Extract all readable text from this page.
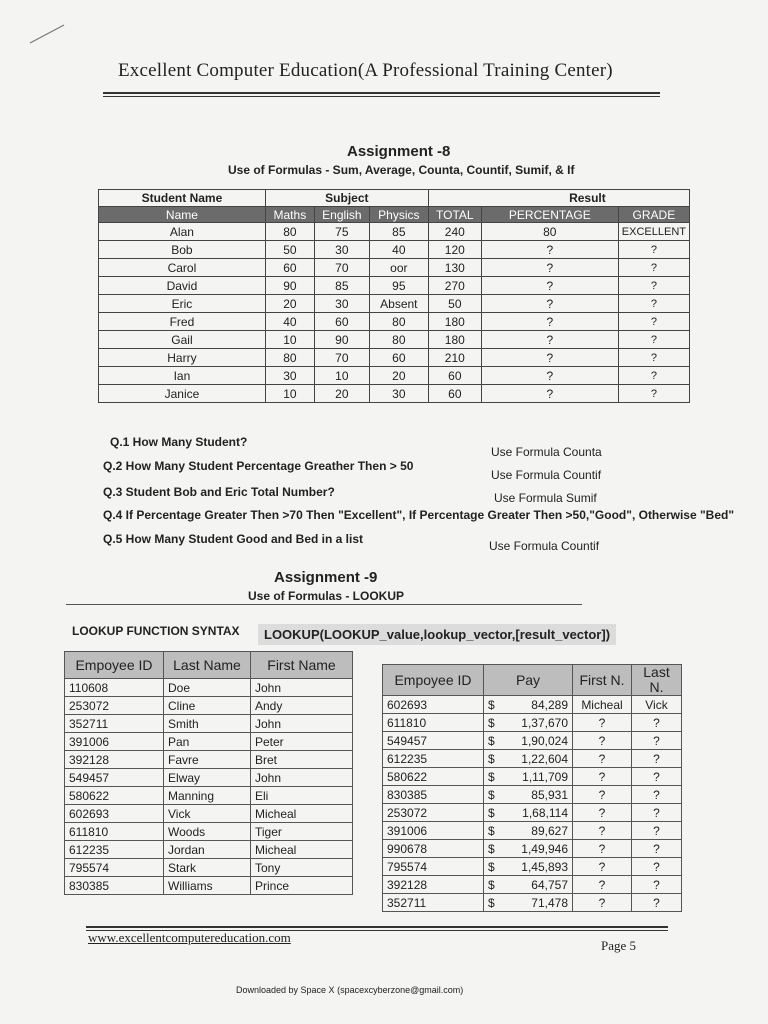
Excellent Computer Education(A Professional Training Center)
Assignment -8
Use of Formulas - Sum, Average, Counta, Countif, Sumif, & If
Student Name	Subject			Result		
Name	Maths	English	Physics	TOTAL	PERCENTAGE	GRADE
Alan	80	75	85	240	80	EXCELLENT
Bob	50	30	40	120	?	?
Carol	60	70	oor	130	?	?
David	90	85	95	270	?	?
Eric	20	30	Absent	50	?	?
Fred	40	60	80	180	?	?
Gail	10	90	80	180	?	?
Harry	80	70	60	210	?	?
Ian	30	10	20	60	?	?
Janice	10	20	30	60	?	?
Q.1 How Many Student?
Use Formula Counta
Q.2 How Many Student Percentage Greather Then > 50
Use Formula Countif
Q.3 Student Bob and Eric Total Number?	Use Formula Sumif
Q.4 If Percentage Greater Then >70 Then "Excellent", If Percentage Greater Then >50,"Good", Otherwise "Bed"
Q.5 How Many Student Good and Bed in a list	Use Formula Countif
Assignment -9
Use of Formulas - LOOKUP
LOOKUP FUNCTION SYNTAX	LOOKUP(LOOKUP_value,lookup_vector,[result_vector])
Empoyee ID	Last Name	First Name
110608	Doe	John
253072	Cline	Andy
352711	Smith	John
391006	Pan	Peter
392128	Favre	Bret
549457	Elway	John
580622	Manning	Eli
602693	Vick	Micheal
611810	Woods	Tiger
612235	Jordan	Micheal
795574	Stark	Tony
830385	Williams	Prince
Empoyee ID	Pay	First N.	Last N.
602693	$ 84,289	Micheal	Vick
611810	$ 1,37,670	?	?
549457	$ 1,90,024	?	?
612235	$ 1,22,604	?	?
580622	$ 1,11,709	?	?
830385	$ 85,931	?	?
253072	$ 1,68,114	?	?
391006	$ 89,627	?	?
990678	$ 1,49,946	?	?
795574	$ 1,45,893	?	?
392128	$ 64,757	?	?
352711	$ 71,478	?	?
www.excellentcomputereducation.com
Page 5
Downloaded by Space X (spacexcyberzone@gmail.com)
